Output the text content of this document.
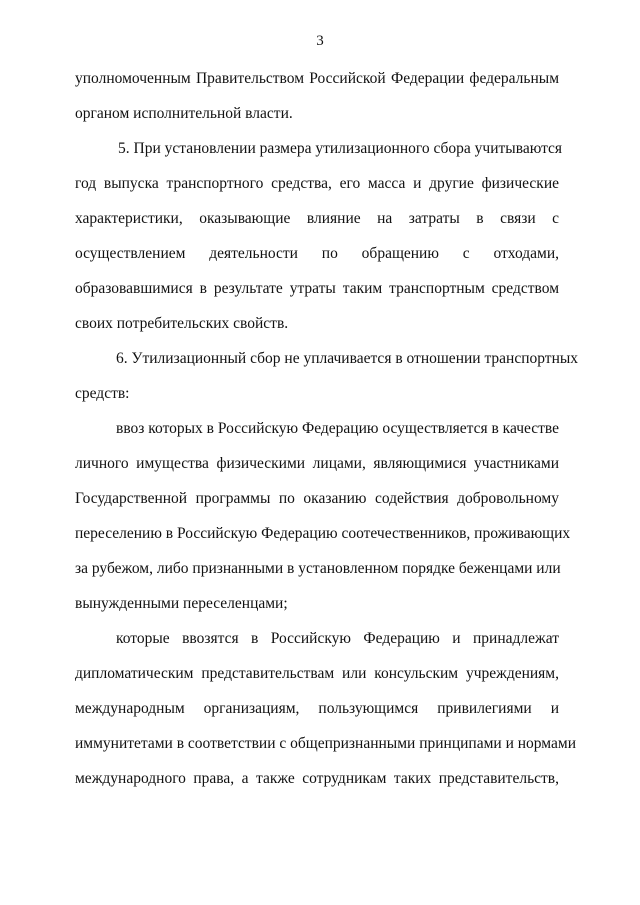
3
уполномоченным Правительством Российской Федерации федеральным
органом исполнительной власти.
5. При установлении размера утилизационного сбора учитываются
год выпуска транспортного средства, его масса и другие физические
характеристики, оказывающие влияние на затраты в связи с
осуществлением деятельности по обращению с отходами,
образовавшимися в результате утраты таким транспортным средством
своих потребительских свойств.
6. Утилизационный сбор не уплачивается в отношении транспортных
средств:
ввоз которых в Российскую Федерацию осуществляется в качестве
личного имущества физическими лицами, являющимися участниками
Государственной программы по оказанию содействия добровольному
переселению в Российскую Федерацию соотечественников, проживающих
за рубежом, либо признанными в установленном порядке беженцами или
вынужденными переселенцами;
которые ввозятся в Российскую Федерацию и принадлежат
дипломатическим представительствам или консульским учреждениям,
международным организациям, пользующимся привилегиями и
иммунитетами в соответствии с общепризнанными принципами и нормами
международного права, а также сотрудникам таких представительств,
